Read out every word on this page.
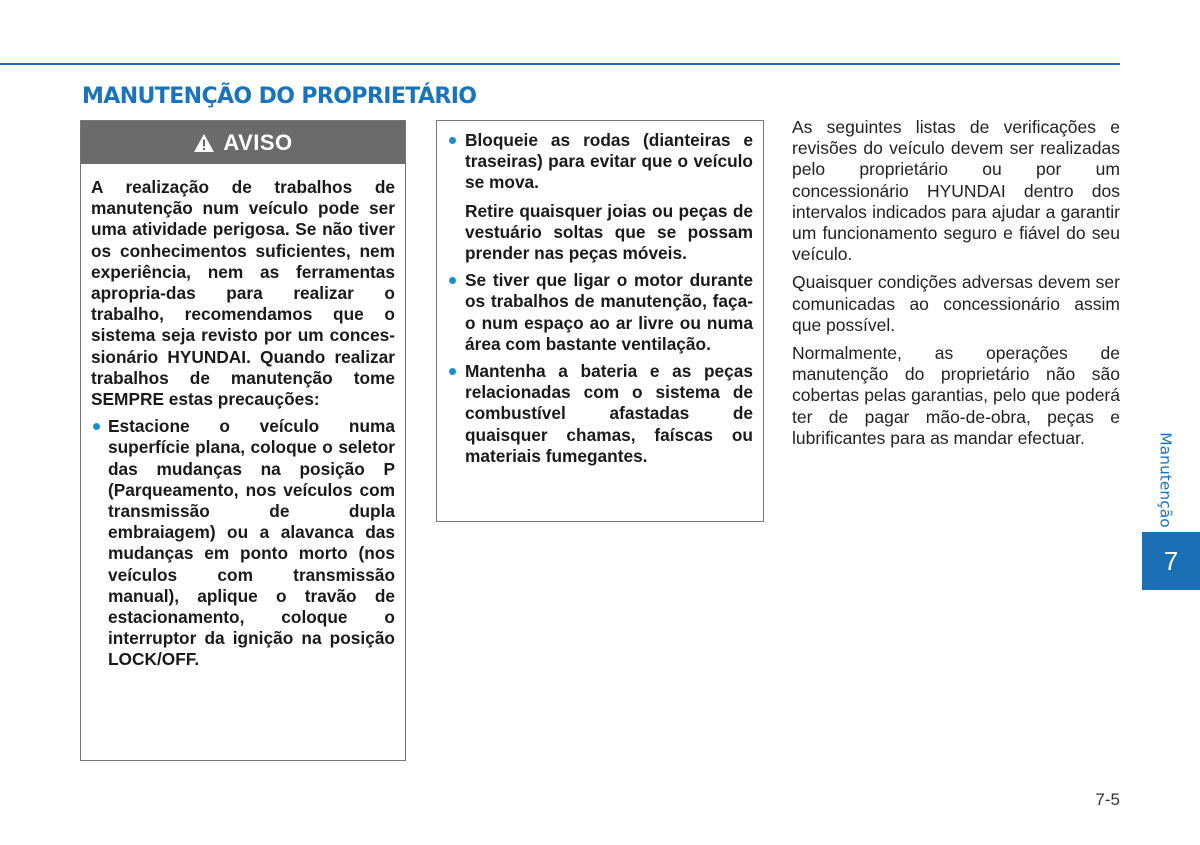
MANUTENÇÃO DO PROPRIETÁRIO
AVISO

A realização de trabalhos de manutenção num veículo pode ser uma atividade perigosa. Se não tiver os conhecimentos suficientes, nem experiência, nem as ferramentas apropria-das para realizar o trabalho, recomendamos que o sistema seja revisto por um conces-sionário HYUNDAI. Quando realizar trabalhos de manutenção tome SEMPRE estas precauções:

Estacione o veículo numa superfície plana, coloque o seletor das mudanças na posição P (Parqueamento, nos veículos com transmissão de dupla embraiagem) ou a alavanca das mudanças em ponto morto (nos veículos com transmissão manual), aplique o travão de estacionamento, coloque o interruptor da ignição na posição LOCK/OFF.
Bloqueie as rodas (dianteiras e traseiras) para evitar que o veículo se mova.
Retire quaisquer joias ou peças de vestuário soltas que se possam prender nas peças móveis.
Se tiver que ligar o motor durante os trabalhos de manutenção, faça-o num espaço ao ar livre ou numa área com bastante ventilação.
Mantenha a bateria e as peças relacionadas com o sistema de combustível afastadas de quaisquer chamas, faíscas ou materiais fumegantes.

As seguintes listas de verificações e revisões do veículo devem ser realizadas pelo proprietário ou por um concessionário HYUNDAI dentro dos intervalos indicados para ajudar a garantir um funcionamento seguro e fiável do seu veículo.

Quaisquer condições adversas devem ser comunicadas ao concessionário assim que possível.

Normalmente, as operações de manutenção do proprietário não são cobertas pelas garantias, pelo que poderá ter de pagar mão-de-obra, peças e lubrificantes para as mandar efectuar.	Manutenção
7
7-5
